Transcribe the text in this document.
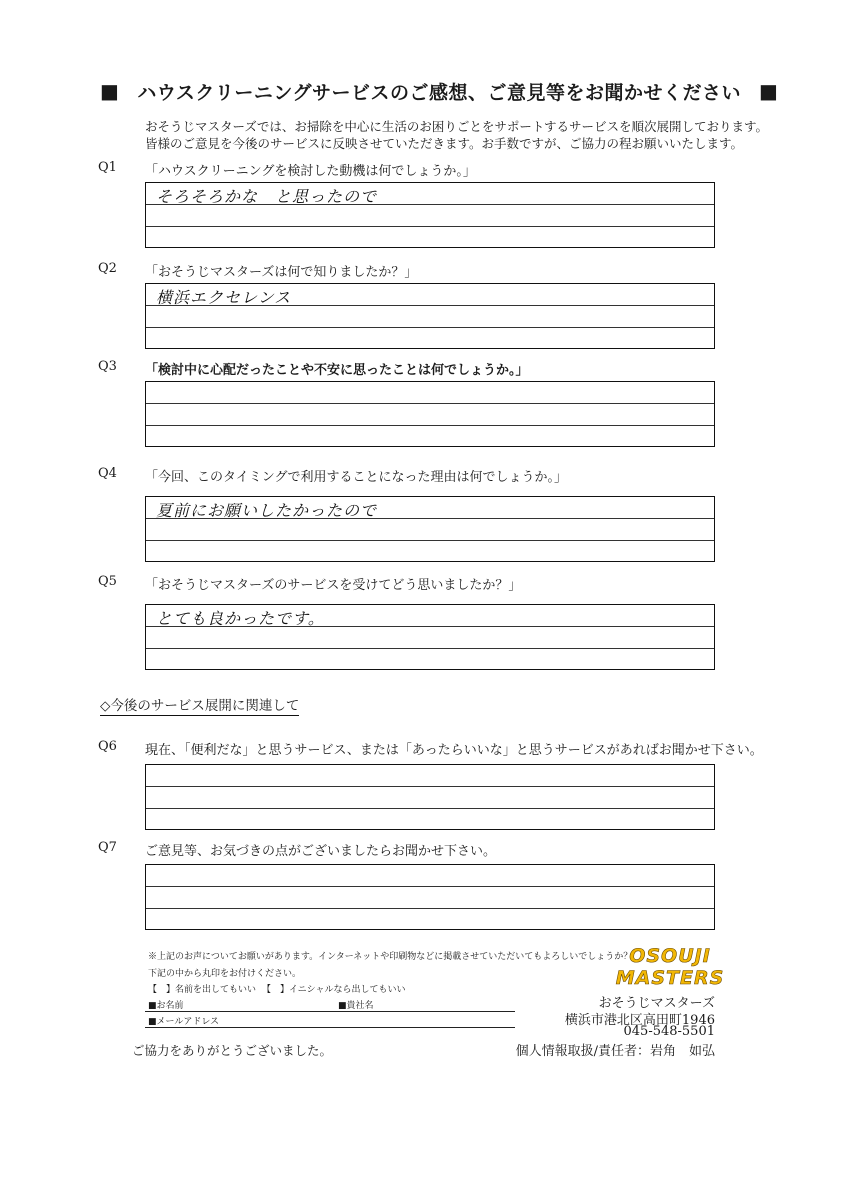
■ ハウスクリーニングサービスのご感想、ご意見等をお聞かせください ■
おそうじマスターズでは、お掃除を中心に生活のお困りごとをサポートするサービスを順次展開しております。
皆様のご意見を今後のサービスに反映させていただきます。お手数ですが、ご協力の程お願いいたします。
Q1 「ハウスクリーニングを検討した動機は何でしょうか。」
そろそろかな　と思ったので
Q2 「おそうじマスターズは何で知りましたか？」
横浜エクセレンス
Q3 「検討中に心配だったことや不安に思ったことは何でしょうか。」
Q4 「今回、このタイミングで利用することになった理由は何でしょうか。」
夏前にお願いしたかったので
Q5 「おそうじマスターズのサービスを受けてどう思いましたか？」
とても良かったです。
◇今後のサービス展開に関連して
Q6 現在、「便利だな」と思うサービス、または「あったらいいな」と思うサービスがあればお聞かせ下さい。
Q7 ご意見等、お気づきの点がございましたらお聞かせ下さい。
※上記のお声についてお願いがあります。インターネットや印刷物などに掲載させていただいてもよろしいでしょうか？
下記の中から丸印をお付けください。
【　】名前を出してもいい 【　】イニシャルなら出してもいい
■お名前	■貴社名
■メールアドレス
ご協力をありがとうございました。
OSOUJI
MASTERS
おそうじマスターズ
横浜市港北区高田町1946
045-548-5501
個人情報取扱/責任者：岩角　如弘
